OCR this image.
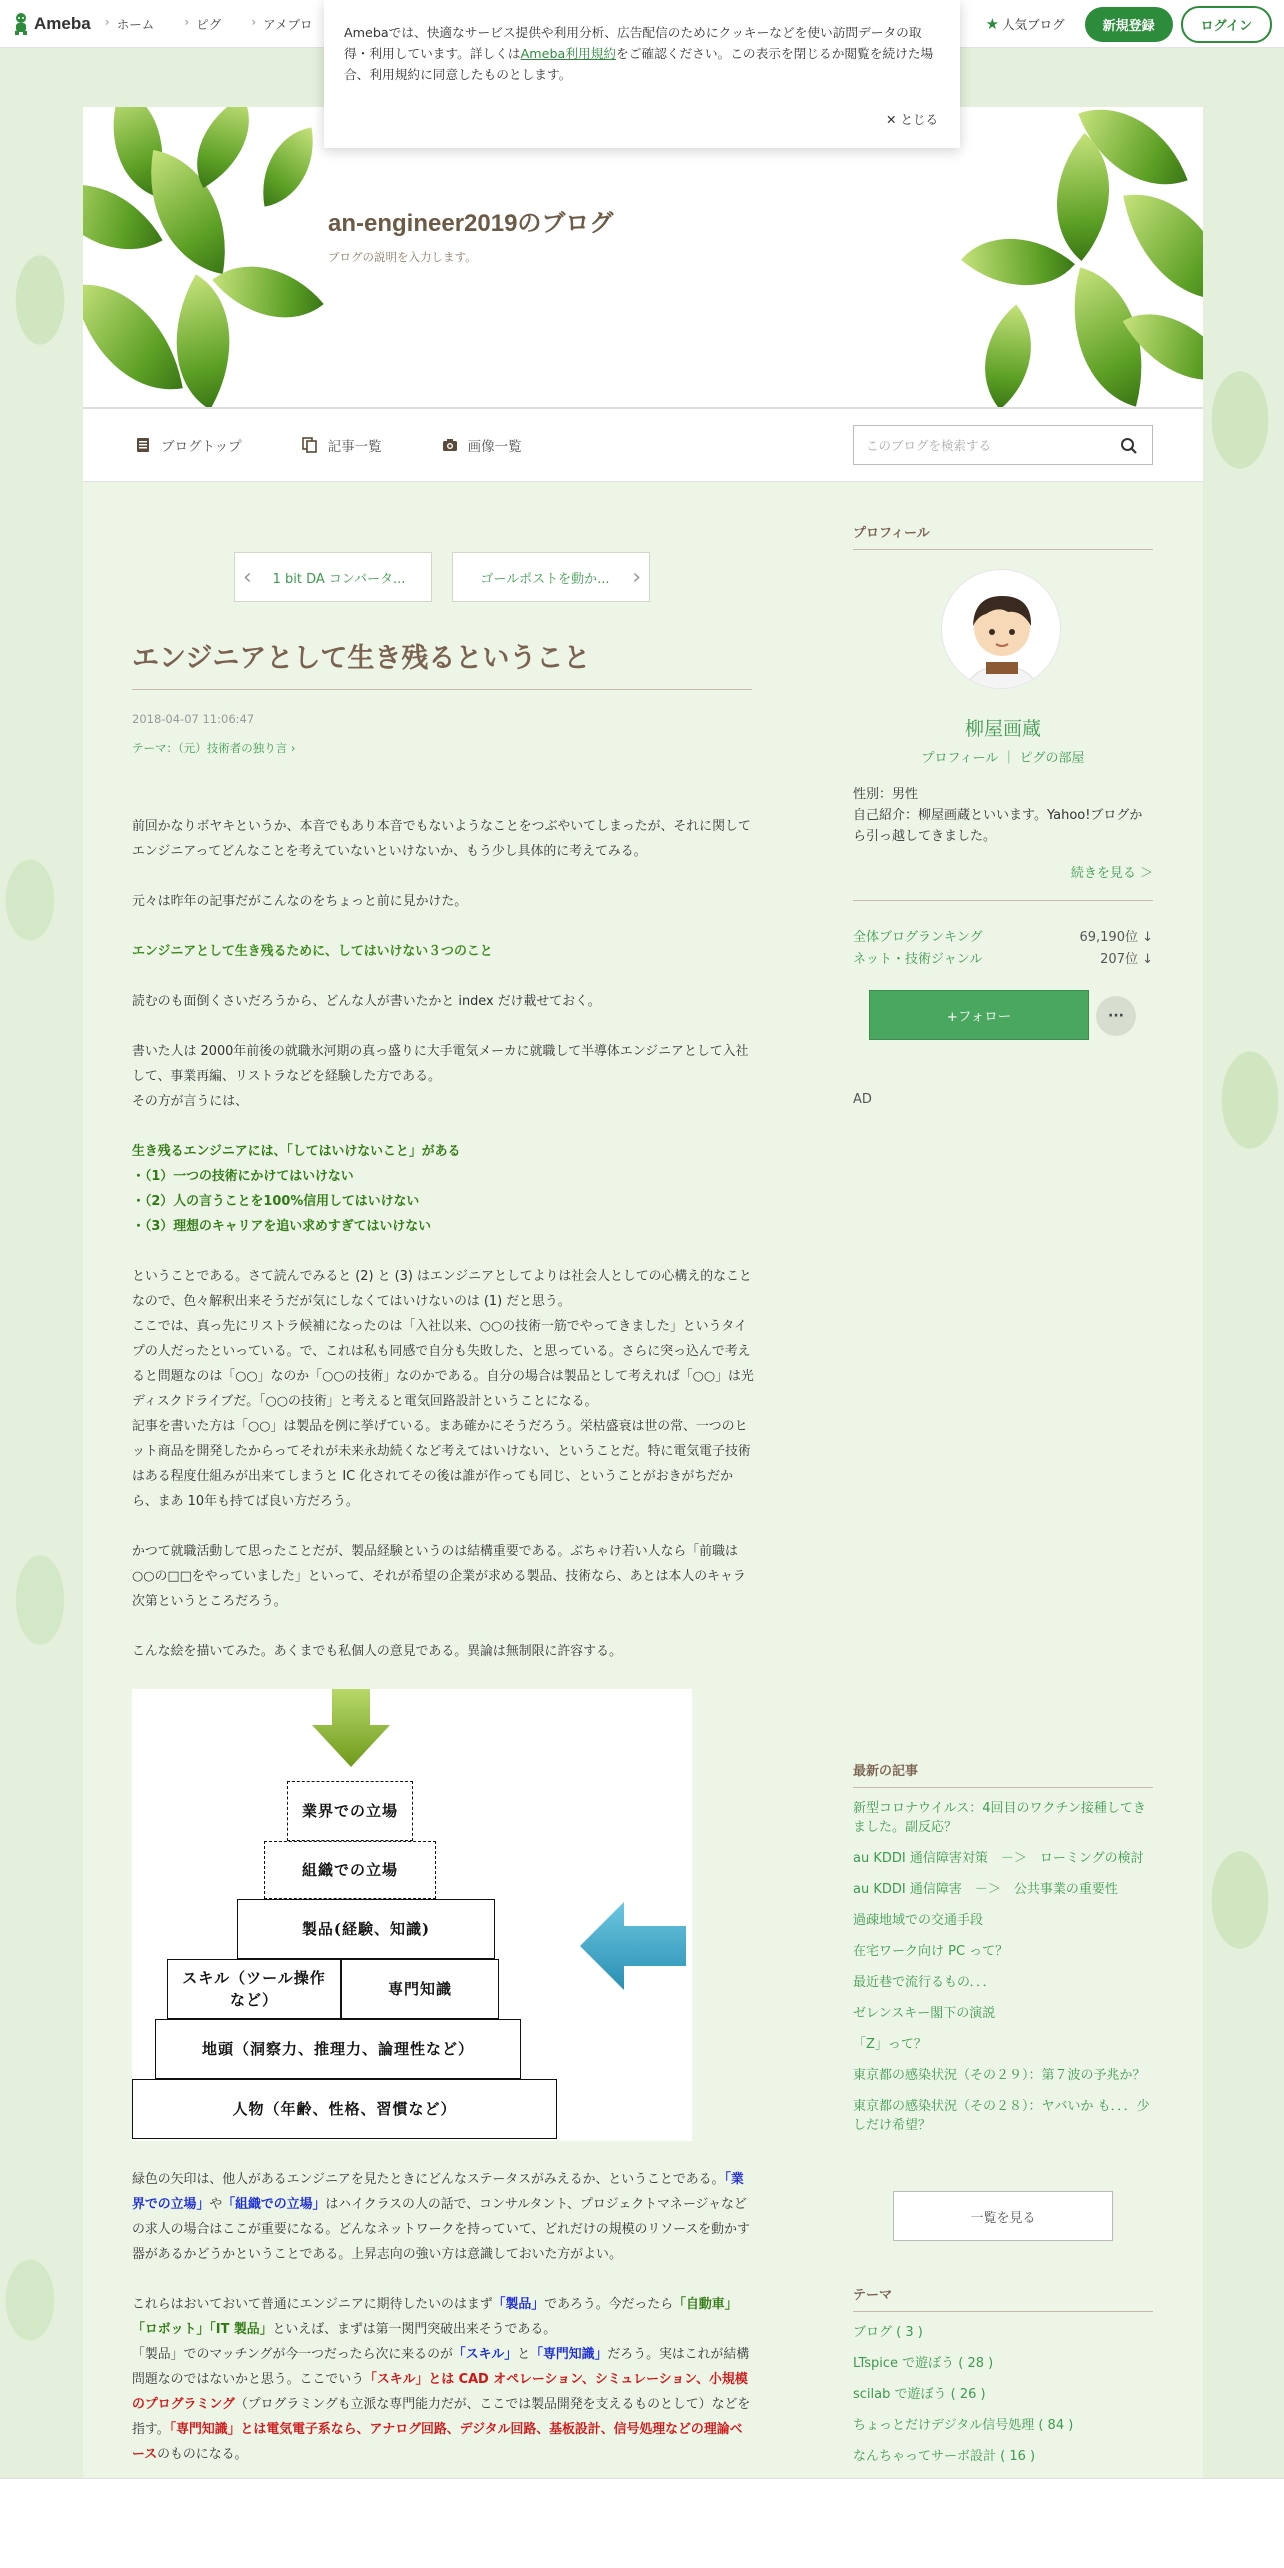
Ameba	› ホーム	› ピグ	› アメブロ	★ 人気ブログ	新規登録	ログイン
Amebaでは、快適なサービス提供や利用分析、広告配信のためにクッキーなどを使い訪問データの取得・利用しています。詳しくはAmeba利用規約をご確認ください。この表示を閉じるか閲覧を続けた場合、利用規約に同意したものとします。
✕ とじる
an-engineer2019のブログ
ブログの説明を入力します。
ブログトップ	記事一覧	画像一覧	このブログを検索する
‹	1 bit DA コンバータ...	ゴールポストを動か...	›
エンジニアとして生き残るということ
2018-04-07 11:06:47
テーマ：（元）技術者の独り言 ›

前回かなりボヤキというか、本音でもあり本音でもないようなことをつぶやいてしまったが、それに関してエンジニアってどんなことを考えていないといけないか、もう少し具体的に考えてみる。

元々は昨年の記事だがこんなのをちょっと前に見かけた。

エンジニアとして生き残るために、してはいけない３つのこと

読むのも面倒くさいだろうから、どんな人が書いたかと index だけ載せておく。

書いた人は 2000年前後の就職氷河期の真っ盛りに大手電気メーカに就職して半導体エンジニアとして入社して、事業再編、リストラなどを経験した方である。

その方が言うには、

生き残るエンジニアには、「してはいけないこと」がある

・（1）一つの技術にかけてはいけない

・（2）人の言うことを100%信用してはいけない

・（3）理想のキャリアを追い求めすぎてはいけない

ということである。さて読んでみると (2) と (3) はエンジニアとしてよりは社会人としての心構え的なことなので、色々解釈出来そうだが気にしなくてはいけないのは (1) だと思う。

ここでは、真っ先にリストラ候補になったのは「入社以来、○○の技術一筋でやってきました」というタイプの人だったといっている。で、これは私も同感で自分も失敗した、と思っている。さらに突っ込んで考えると問題なのは「○○」なのか「○○の技術」なのかである。自分の場合は製品として考えれば「○○」は光ディスクドライブだ。「○○の技術」と考えると電気回路設計ということになる。

記事を書いた方は「○○」は製品を例に挙げている。まあ確かにそうだろう。栄枯盛衰は世の常、一つのヒット商品を開発したからってそれが未来永劫続くなど考えてはいけない、ということだ。特に電気電子技術はある程度仕組みが出来てしまうと IC 化されてその後は誰が作っても同じ、ということがおきがちだから、まあ 10年も持てば良い方だろう。

かつて就職活動して思ったことだが、製品経験というのは結構重要である。ぶちゃけ若い人なら「前職は○○の□□をやっていました」といって、それが希望の企業が求める製品、技術なら、あとは本人のキャラ次第というところだろう。

こんな絵を描いてみた。あくまでも私個人の意見である。異論は無制限に許容する。

業界での立場
組織での立場
製品(経験、知識)
スキル（ツール操作など）
専門知識
地頭（洞察力、推理力、論理性など）
人物（年齢、性格、習慣など）

緑色の矢印は、他人があるエンジニアを見たときにどんなステータスがみえるか、ということである。「業界での立場」や「組織での立場」はハイクラスの人の話で、コンサルタント、プロジェクトマネージャなどの求人の場合はここが重要になる。どんなネットワークを持っていて、どれだけの規模のリソースを動かす器があるかどうかということである。上昇志向の強い方は意識しておいた方がよい。

これらはおいておいて普通にエンジニアに期待したいのはまず「製品」であろう。今だったら「自動車」「ロボット」「IT 製品」といえば、まずは第一関門突破出来そうである。

「製品」でのマッチングが今一つだったら次に来るのが「スキル」と「専門知識」だろう。実はこれが結構問題なのではないかと思う。ここでいう「スキル」とは CAD オペレーション、シミュレーション、小規模のプログラミング（プログラミングも立派な専門能力だが、ここでは製品開発を支えるものとして）などを指す。「専門知識」とは電気電子系なら、アナログ回路、デジタル回路、基板設計、信号処理などの理論ベースのものになる。

プロフィール
柳屋画蔵
プロフィール ｜ ピグの部屋
性別：男性
自己紹介：柳屋画蔵といいます。Yahoo!ブログから引っ越してきました。
続きを見る ＞
全体ブログランキング	69,190位 ↓
ネット・技術ジャンル	207位 ↓
+フォロー	···
AD
最新の記事
新型コロナウイルス：4回目のワクチン接種してきました。副反応？
au KDDI 通信障害対策　－＞　ローミングの検討
au KDDI 通信障害　－＞　公共事業の重要性
過疎地域での交通手段
在宅ワーク向け PC って？
最近巷で流行るもの．．．
ゼレンスキー閣下の演説
「Z」って？
東京都の感染状況（その２９）：第７波の予兆か？
東京都の感染状況（その２８）：ヤバいか も．．．少しだけ希望？
一覧を見る
テーマ
ブログ ( 3 )
LTspice で遊ぼう ( 28 )
scilab で遊ぼう ( 26 )
ちょっとだけデジタル信号処理 ( 84 )
なんちゃってサーボ設計 ( 16 )
